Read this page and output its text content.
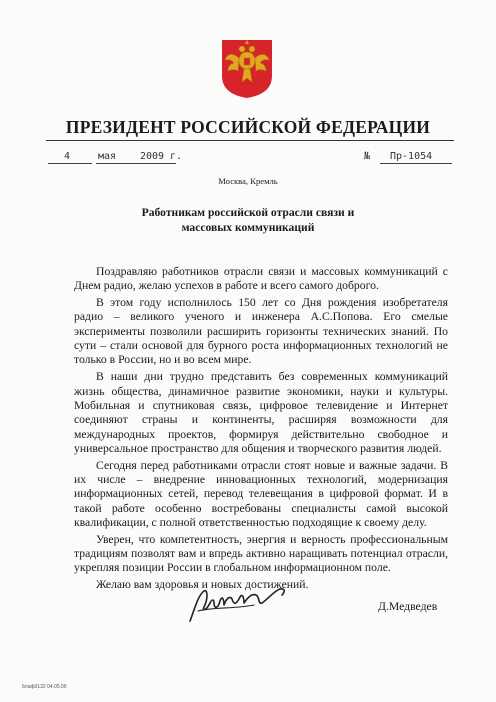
ПРЕЗИДЕНТ РОССИЙСКОЙ ФЕДЕРАЦИИ
4	мая 2009 г.	№ Пр-1054
Москва, Кремль
Работникам российской отрасли связи и
массовых коммуникаций

Поздравляю работников отрасли связи и массовых коммуникаций с Днем радио, желаю успехов в работе и всего самого доброго.

В этом году исполнилось 150 лет со Дня рождения изобретателя радио – великого ученого и инженера А.С.Попова. Его смелые эксперименты позволили расширить горизонты технических знаний. По сути – стали основой для бурного роста информационных технологий не только в России, но и во всем мире.

В наши дни трудно представить без современных коммуникаций жизнь общества, динамичное развитие экономики, науки и культуры. Мобильная и спутниковая связь, цифровое телевидение и Интернет соединяют страны и континенты, расширяя возможности для международных проектов, формируя действительно свободное и универсальное пространство для общения и творческого развития людей.

Сегодня перед работниками отрасли стоят новые и важные задачи. В их числе – внедрение инновационных технологий, модернизация информационных сетей, перевод телевещания в цифровой формат. И в такой работе особенно востребованы специалисты самой высокой квалификации, с полной ответственностью подходящие к своему делу.

Уверен, что компетентность, энергия и верность профессиональным традициям позволят вам и впредь активно наращивать потенциал отрасли, укрепляя позиции России в глобальном информационном поле.

Желаю вам здоровья и новых достижений.

Д.Медведев
6лаф0132 04.05.09
